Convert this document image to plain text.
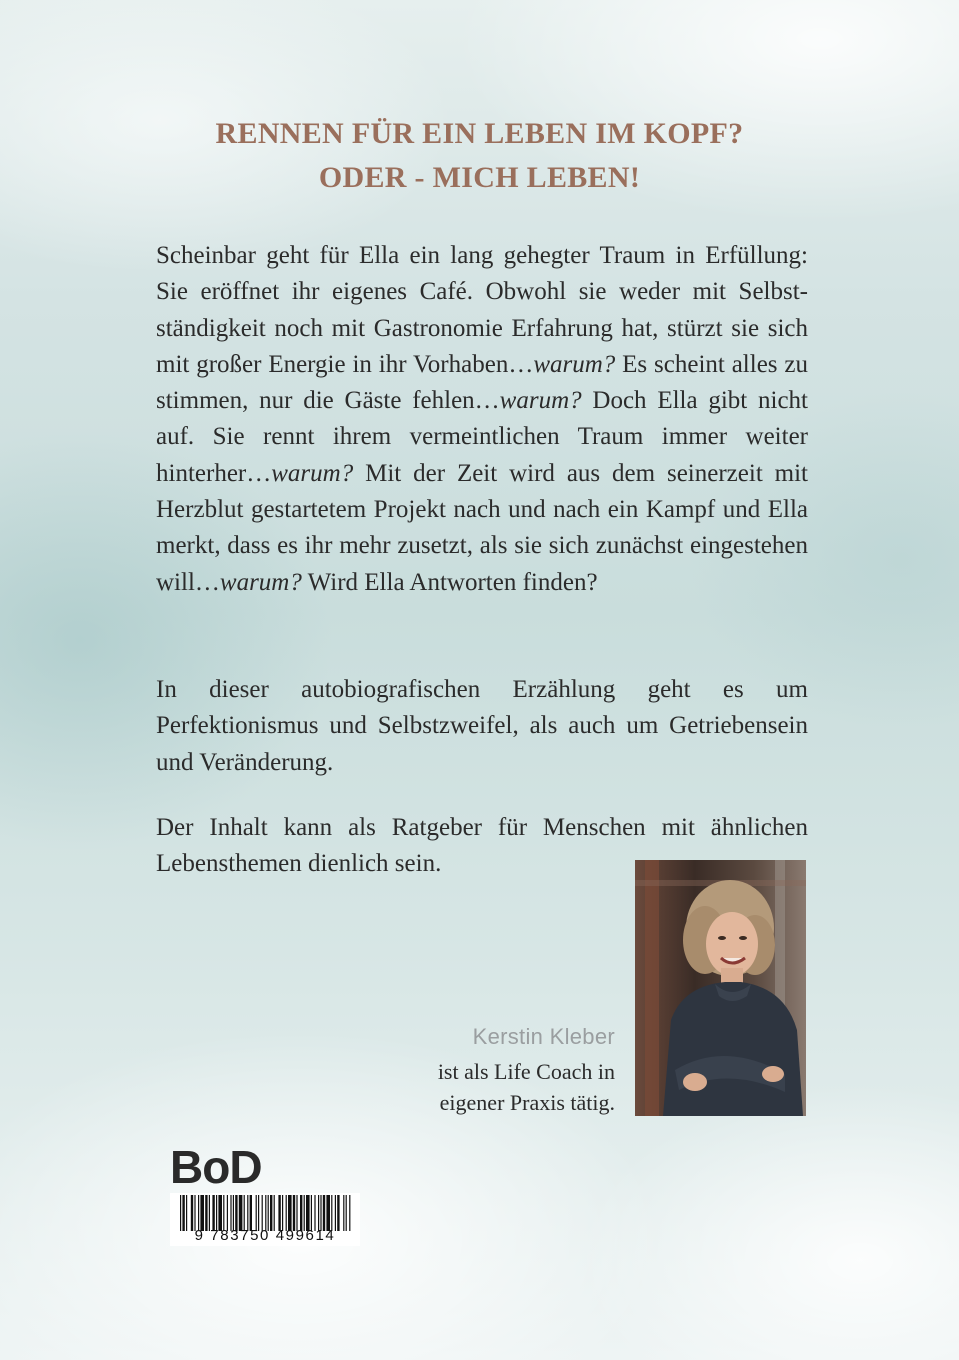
RENNEN FÜR EIN LEBEN IM KOPF?
ODER - MICH LEBEN!

Scheinbar geht für Ella ein lang gehegter Traum in Erfüllung: Sie eröffnet ihr eigenes Café. Obwohl sie weder mit Selbstständigkeit noch mit Gastronomie Erfahrung hat, stürzt sie sich mit großer Energie in ihr Vorhaben…warum? Es scheint alles zu stimmen, nur die Gäste fehlen…warum? Doch Ella gibt nicht auf. Sie rennt ihrem vermeintlichen Traum immer weiter hinterher…warum? Mit der Zeit wird aus dem seinerzeit mit Herzblut gestartetem Projekt nach und nach ein Kampf und Ella merkt, dass es ihr mehr zusetzt, als sie sich zunächst eingestehen will…warum? Wird Ella Antworten finden?

In dieser autobiografischen Erzählung geht es um Perfektionismus und Selbstzweifel, als auch um Getriebensein und Veränderung.

Der Inhalt kann als Ratgeber für Menschen mit ähnlichen Lebensthemen dienlich sein.

Kerstin Kleber
ist als Life Coach in
eigener Praxis tätig.
BoD
9 783750 499614
